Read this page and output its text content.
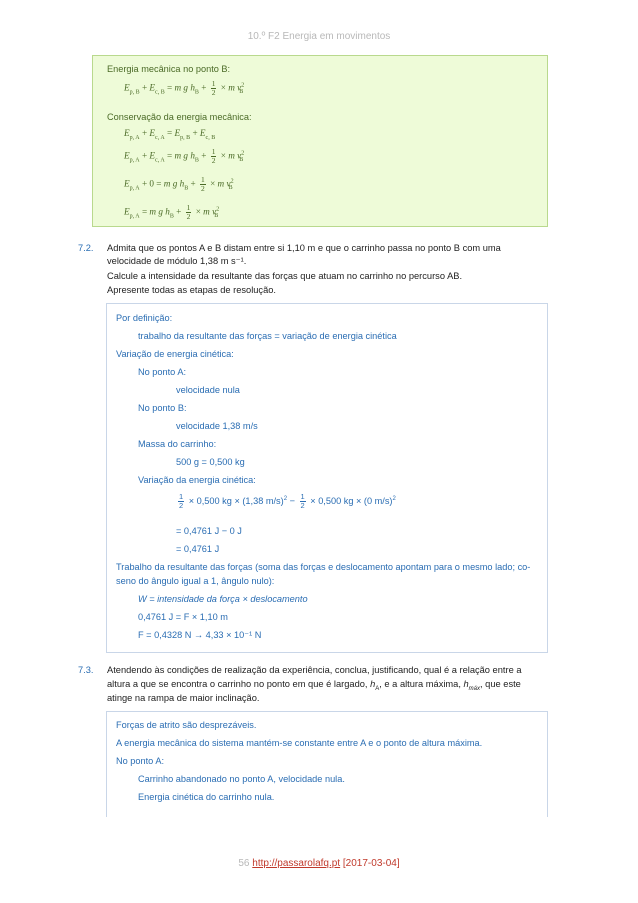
10.º F2 Energia em movimentos
Energia mecânica no ponto B:
$E_{p, B} + E_{c, B} = m$ g $h_B + \frac{1}{2} \times m$ $v^2_B$
Conservação da energia mecânica:
$E_{p, A} + E_{c, A} = E_{p, B} + E_{c, B}$
$E_{p, A} + E_{c, A} = m$ g $h_B + \frac{1}{2} \times m$ $v^2_B$
$E_{p, A} + 0 = m$ g $h_B + \frac{1}{2} \times m$ $v^2_B$
$E_{p, A} = m$ g $h_B + \frac{1}{2} \times m$ $v^2_B$
7.2. Admita que os pontos A e B distam entre si 1,10 m e que o carrinho passa no ponto B com uma
velocidade de módulo 1,38 m s⁻¹.
Calcule a intensidade da resultante das forças que atuam no carrinho no percurso AB.
Apresente todas as etapas de resolução.
Por definição:
trabalho da resultante das forças = variação de energia cinética
Variação de energia cinética:
No ponto A:
velocidade nula
No ponto B:
velocidade 1,38 m/s
Massa do carrinho:
500 g = 0,500 kg
Variação da energia cinética:
$\frac{1}{2} \times 0,500$ kg × (1,38 $m/s)^2 - \frac{1}{2} \times 0,500$ kg × (0 m/s)$^2$
= 0,4761 J − 0 J
= 0,4761 J
Trabalho da resultante das forças (soma das forças e deslocamento apontam para o mesmo lado; co-
seno do ângulo igual a 1, ângulo nulo):
W = intensidade da força × deslocamento
0,4761 J = F × 1,10 m
F = 0,4328 N → 4,33 × 10⁻¹ N
7.3. Atendendo às condições de realização da experiência, conclua, justificando, qual é a relação entre a
altura a que se encontra o carrinho no ponto em que é largado, $h_A$, e a altura máxima, $h_{máx}$, que este
atinge na rampa de maior inclinação.
Forças de atrito são desprezáveis.
A energia mecânica do sistema mantém-se constante entre A e o ponto de altura máxima.
No ponto A:
Carrinho abandonado no ponto A, velocidade nula.
Energia cinética do carrinho nula.
56 http://passarolafq.pt [2017-03-04]
